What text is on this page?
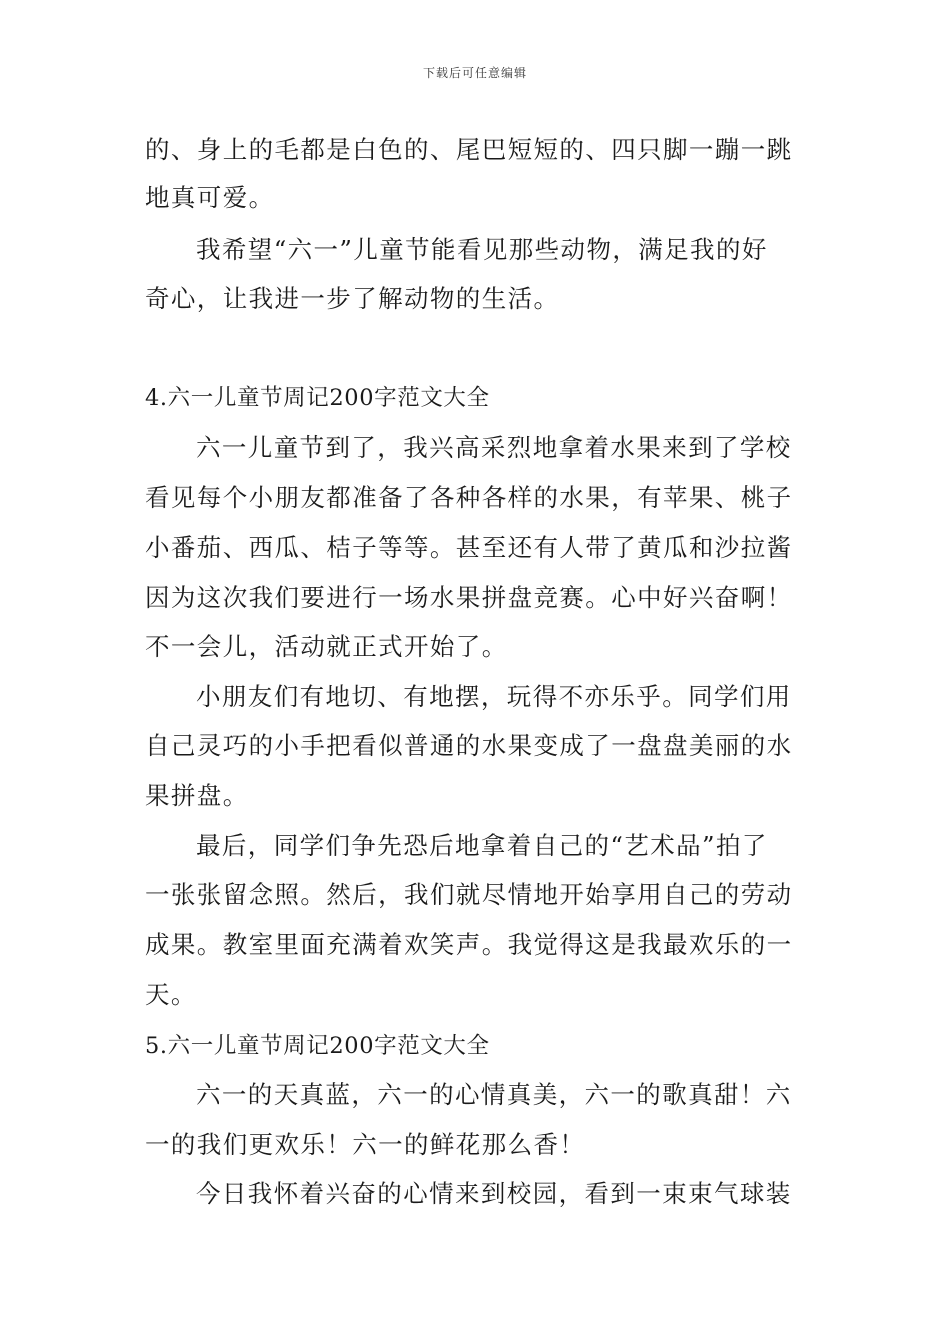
下载后可任意编辑
的、身上的毛都是白色的、尾巴短短的、四只脚一蹦一跳
地真可爱。
我希望“六一”儿童节能看见那些动物，满足我的好
奇心，让我进一步了解动物的生活。
4.六一儿童节周记200字范文大全
六一儿童节到了，我兴高采烈地拿着水果来到了学校
看见每个小朋友都准备了各种各样的水果，有苹果、桃子
小番茄、西瓜、桔子等等。甚至还有人带了黄瓜和沙拉酱
因为这次我们要进行一场水果拼盘竞赛。心中好兴奋啊！
不一会儿，活动就正式开始了。
小朋友们有地切、有地摆，玩得不亦乐乎。同学们用
自己灵巧的小手把看似普通的水果变成了一盘盘美丽的水
果拼盘。
最后，同学们争先恐后地拿着自己的“艺术品”拍了
一张张留念照。然后，我们就尽情地开始享用自己的劳动
成果。教室里面充满着欢笑声。我觉得这是我最欢乐的一
天。
5.六一儿童节周记200字范文大全
六一的天真蓝，六一的心情真美，六一的歌真甜！六
一的我们更欢乐！六一的鲜花那么香！
今日我怀着兴奋的心情来到校园，看到一束束气球装
